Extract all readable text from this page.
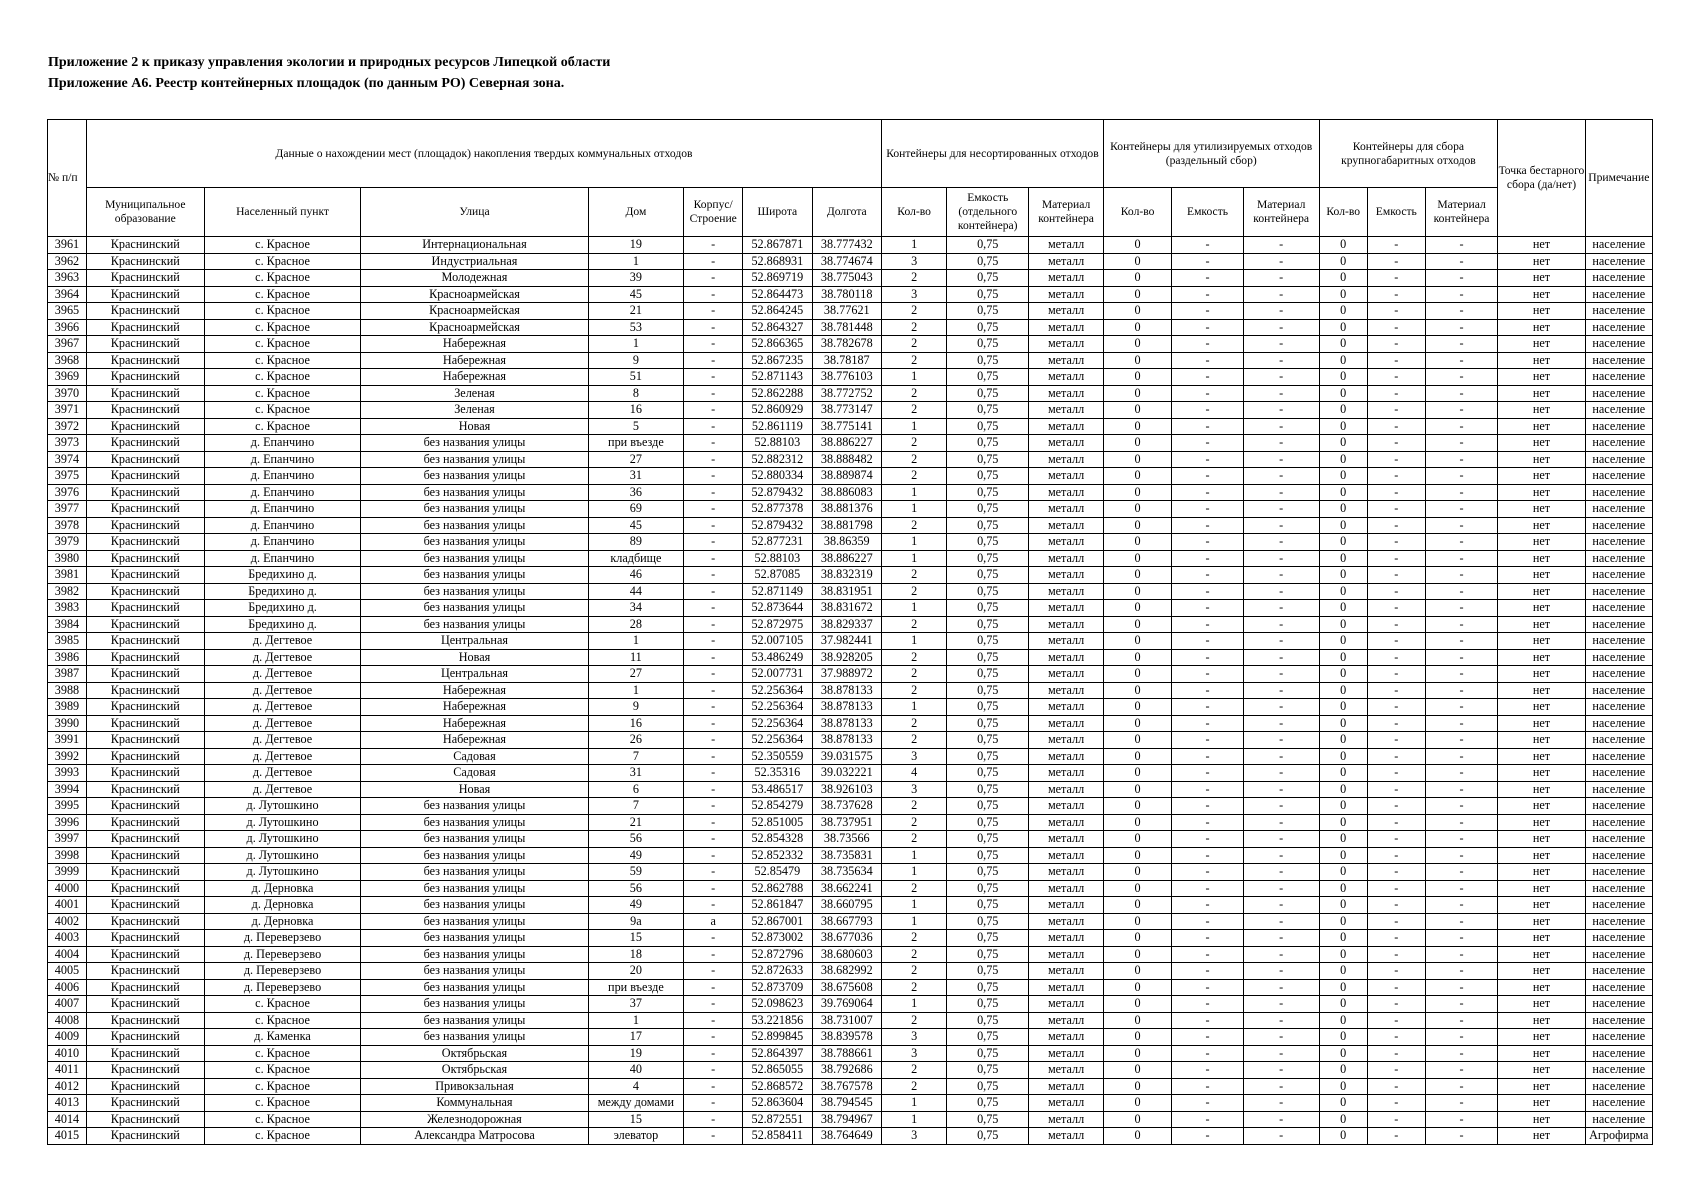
Приложение 2 к приказу управления экологии и природных ресурсов Липецкой области
Приложение А6. Реестр контейнерных площадок (по данным РО) Северная зона.
№ п/п	Данные о нахождении мест (площадок) накопления твердых коммунальных отходов							Контейнеры для несортированных отходов			Контейнеры для утилизируемых отходов (раздельный сбор)			Контейнеры для сбора крупногабаритных отходов			Точка бестарного сбора (да/нет)	Примечание
	Муниципальное образование	Населенный пункт	Улица	Дом	Корпус/ Строение	Широта	Долгота	Кол-во	Емкость (отдельного контейнера)	Материал контейнера	Кол-во	Емкость	Материал контейнера	Кол-во	Емкость	Материал контейнера		
3961	Краснинский	с. Красное	Интернациональная	19	-	52.867871	38.777432	1	0,75	металл	0	-	-	0	-	-	нет	население
3962	Краснинский	с. Красное	Индустриальная	1	-	52.868931	38.774674	3	0,75	металл	0	-	-	0	-	-	нет	население
3963	Краснинский	с. Красное	Молодежная	39	-	52.869719	38.775043	2	0,75	металл	0	-	-	0	-	-	нет	население
3964	Краснинский	с. Красное	Красноармейская	45	-	52.864473	38.780118	3	0,75	металл	0	-	-	0	-	-	нет	население
3965	Краснинский	с. Красное	Красноармейская	21	-	52.864245	38.77621	2	0,75	металл	0	-	-	0	-	-	нет	население
3966	Краснинский	с. Красное	Красноармейская	53	-	52.864327	38.781448	2	0,75	металл	0	-	-	0	-	-	нет	население
3967	Краснинский	с. Красное	Набережная	1	-	52.866365	38.782678	2	0,75	металл	0	-	-	0	-	-	нет	население
3968	Краснинский	с. Красное	Набережная	9	-	52.867235	38.78187	2	0,75	металл	0	-	-	0	-	-	нет	население
3969	Краснинский	с. Красное	Набережная	51	-	52.871143	38.776103	1	0,75	металл	0	-	-	0	-	-	нет	население
3970	Краснинский	с. Красное	Зеленая	8	-	52.862288	38.772752	2	0,75	металл	0	-	-	0	-	-	нет	население
3971	Краснинский	с. Красное	Зеленая	16	-	52.860929	38.773147	2	0,75	металл	0	-	-	0	-	-	нет	население
3972	Краснинский	с. Красное	Новая	5	-	52.861119	38.775141	1	0,75	металл	0	-	-	0	-	-	нет	население
3973	Краснинский	д. Епанчино	без названия улицы	при въезде	-	52.88103	38.886227	2	0,75	металл	0	-	-	0	-	-	нет	население
3974	Краснинский	д. Епанчино	без названия улицы	27	-	52.882312	38.888482	2	0,75	металл	0	-	-	0	-	-	нет	население
3975	Краснинский	д. Епанчино	без названия улицы	31	-	52.880334	38.889874	2	0,75	металл	0	-	-	0	-	-	нет	население
3976	Краснинский	д. Епанчино	без названия улицы	36	-	52.879432	38.886083	1	0,75	металл	0	-	-	0	-	-	нет	население
3977	Краснинский	д. Епанчино	без названия улицы	69	-	52.877378	38.881376	1	0,75	металл	0	-	-	0	-	-	нет	население
3978	Краснинский	д. Епанчино	без названия улицы	45	-	52.879432	38.881798	2	0,75	металл	0	-	-	0	-	-	нет	население
3979	Краснинский	д. Епанчино	без названия улицы	89	-	52.877231	38.86359	1	0,75	металл	0	-	-	0	-	-	нет	население
3980	Краснинский	д. Епанчино	без названия улицы	кладбище	-	52.88103	38.886227	1	0,75	металл	0	-	-	0	-	-	нет	население
3981	Краснинский	Бредихино д.	без названия улицы	46	-	52.87085	38.832319	2	0,75	металл	0	-	-	0	-	-	нет	население
3982	Краснинский	Бредихино д.	без названия улицы	44	-	52.871149	38.831951	2	0,75	металл	0	-	-	0	-	-	нет	население
3983	Краснинский	Бредихино д.	без названия улицы	34	-	52.873644	38.831672	1	0,75	металл	0	-	-	0	-	-	нет	население
3984	Краснинский	Бредихино д.	без названия улицы	28	-	52.872975	38.829337	2	0,75	металл	0	-	-	0	-	-	нет	население
3985	Краснинский	д. Дегтевое	Центральная	1	-	52.007105	37.982441	1	0,75	металл	0	-	-	0	-	-	нет	население
3986	Краснинский	д. Дегтевое	Новая	11	-	53.486249	38.928205	2	0,75	металл	0	-	-	0	-	-	нет	население
3987	Краснинский	д. Дегтевое	Центральная	27	-	52.007731	37.988972	2	0,75	металл	0	-	-	0	-	-	нет	население
3988	Краснинский	д. Дегтевое	Набережная	1	-	52.256364	38.878133	2	0,75	металл	0	-	-	0	-	-	нет	население
3989	Краснинский	д. Дегтевое	Набережная	9	-	52.256364	38.878133	1	0,75	металл	0	-	-	0	-	-	нет	население
3990	Краснинский	д. Дегтевое	Набережная	16	-	52.256364	38.878133	2	0,75	металл	0	-	-	0	-	-	нет	население
3991	Краснинский	д. Дегтевое	Набережная	26	-	52.256364	38.878133	2	0,75	металл	0	-	-	0	-	-	нет	население
3992	Краснинский	д. Дегтевое	Садовая	7	-	52.350559	39.031575	3	0,75	металл	0	-	-	0	-	-	нет	население
3993	Краснинский	д. Дегтевое	Садовая	31	-	52.35316	39.032221	4	0,75	металл	0	-	-	0	-	-	нет	население
3994	Краснинский	д. Дегтевое	Новая	6	-	53.486517	38.926103	3	0,75	металл	0	-	-	0	-	-	нет	население
3995	Краснинский	д. Лутошкино	без названия улицы	7	-	52.854279	38.737628	2	0,75	металл	0	-	-	0	-	-	нет	население
3996	Краснинский	д. Лутошкино	без названия улицы	21	-	52.851005	38.737951	2	0,75	металл	0	-	-	0	-	-	нет	население
3997	Краснинский	д. Лутошкино	без названия улицы	56	-	52.854328	38.73566	2	0,75	металл	0	-	-	0	-	-	нет	население
3998	Краснинский	д. Лутошкино	без названия улицы	49	-	52.852332	38.735831	1	0,75	металл	0	-	-	0	-	-	нет	население
3999	Краснинский	д. Лутошкино	без названия улицы	59	-	52.85479	38.735634	1	0,75	металл	0	-	-	0	-	-	нет	население
4000	Краснинский	д. Дерновка	без названия улицы	56	-	52.862788	38.662241	2	0,75	металл	0	-	-	0	-	-	нет	население
4001	Краснинский	д. Дерновка	без названия улицы	49	-	52.861847	38.660795	1	0,75	металл	0	-	-	0	-	-	нет	население
4002	Краснинский	д. Дерновка	без названия улицы	9а	а	52.867001	38.667793	1	0,75	металл	0	-	-	0	-	-	нет	население
4003	Краснинский	д. Переверзево	без названия улицы	15	-	52.873002	38.677036	2	0,75	металл	0	-	-	0	-	-	нет	население
4004	Краснинский	д. Переверзево	без названия улицы	18	-	52.872796	38.680603	2	0,75	металл	0	-	-	0	-	-	нет	население
4005	Краснинский	д. Переверзево	без названия улицы	20	-	52.872633	38.682992	2	0,75	металл	0	-	-	0	-	-	нет	население
4006	Краснинский	д. Переверзево	без названия улицы	при въезде	-	52.873709	38.675608	2	0,75	металл	0	-	-	0	-	-	нет	население
4007	Краснинский	с. Красное	без названия улицы	37	-	52.098623	39.769064	1	0,75	металл	0	-	-	0	-	-	нет	население
4008	Краснинский	с. Красное	без названия улицы	1	-	53.221856	38.731007	2	0,75	металл	0	-	-	0	-	-	нет	население
4009	Краснинский	д. Каменка	без названия улицы	17	-	52.899845	38.839578	3	0,75	металл	0	-	-	0	-	-	нет	население
4010	Краснинский	с. Красное	Октябрьская	19	-	52.864397	38.788661	3	0,75	металл	0	-	-	0	-	-	нет	население
4011	Краснинский	с. Красное	Октябрьская	40	-	52.865055	38.792686	2	0,75	металл	0	-	-	0	-	-	нет	население
4012	Краснинский	с. Красное	Привокзальная	4	-	52.868572	38.767578	2	0,75	металл	0	-	-	0	-	-	нет	население
4013	Краснинский	с. Красное	Коммунальная	между домами	-	52.863604	38.794545	1	0,75	металл	0	-	-	0	-	-	нет	население
4014	Краснинский	с. Красное	Железнодорожная	15	-	52.872551	38.794967	1	0,75	металл	0	-	-	0	-	-	нет	население
4015	Краснинский	с. Красное	Александра Матросова	элеватор	-	52.858411	38.764649	3	0,75	металл	0	-	-	0	-	-	нет	Агрофирма
